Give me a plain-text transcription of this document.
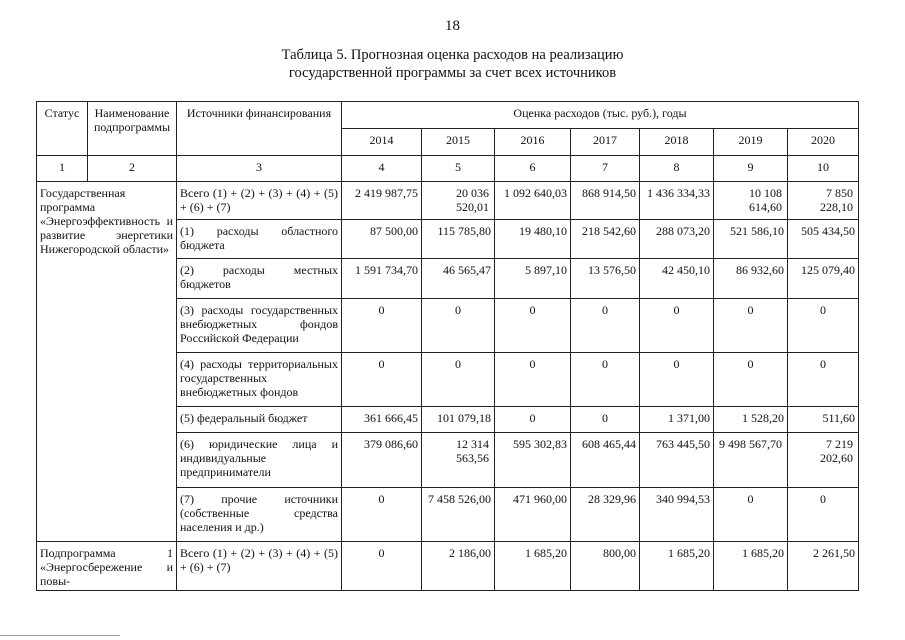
18
Таблица 5. Прогнозная оценка расходов на реализацию
государственной программы за счет всех источников
Статус	Наименование подпрограммы	Источники финансирования	Оценка расходов (тыс. руб.), годы						
			2014	2015	2016	2017	2018	2019	2020
1	2	3	4	5	6	7	8	9	10
Государственная программа «Энергоэффективность и развитие энергетики Нижегородской области»		Всего (1) + (2) + (3) + (4) + (5) + (6) + (7)	2 419 987,75	20 036 520,01	1 092 640,03	868 914,50	1 436 334,33	10 108 614,60	7 850 228,10
		(1) расходы областного бюджета	87 500,00	115 785,80	19 480,10	218 542,60	288 073,20	521 586,10	505 434,50
		(2) расходы местных бюджетов	1 591 734,70	46 565,47	5 897,10	13 576,50	42 450,10	86 932,60	125 079,40
		(3) расходы государственных внебюджетных фондов Российской Федерации	0	0	0	0	0	0	0
		(4) расходы территориальных государственных внебюджетных фондов	0	0	0	0	0	0	0
		(5) федеральный бюджет	361 666,45	101 079,18	0	0	1 371,00	1 528,20	511,60
		(6) юридические лица и индивидуальные предприниматели	379 086,60	12 314 563,56	595 302,83	608 465,44	763 445,50	9 498 567,70	7 219 202,60
		(7) прочие источники (собственные средства населения и др.)	0	7 458 526,00	471 960,00	28 329,96	340 994,53	0	0
Подпрограмма 1 «Энергосбережение и повы-		Всего (1) + (2) + (3) + (4) + (5) + (6) + (7)	0	2 186,00	1 685,20	800,00	1 685,20	1 685,20	2 261,50
